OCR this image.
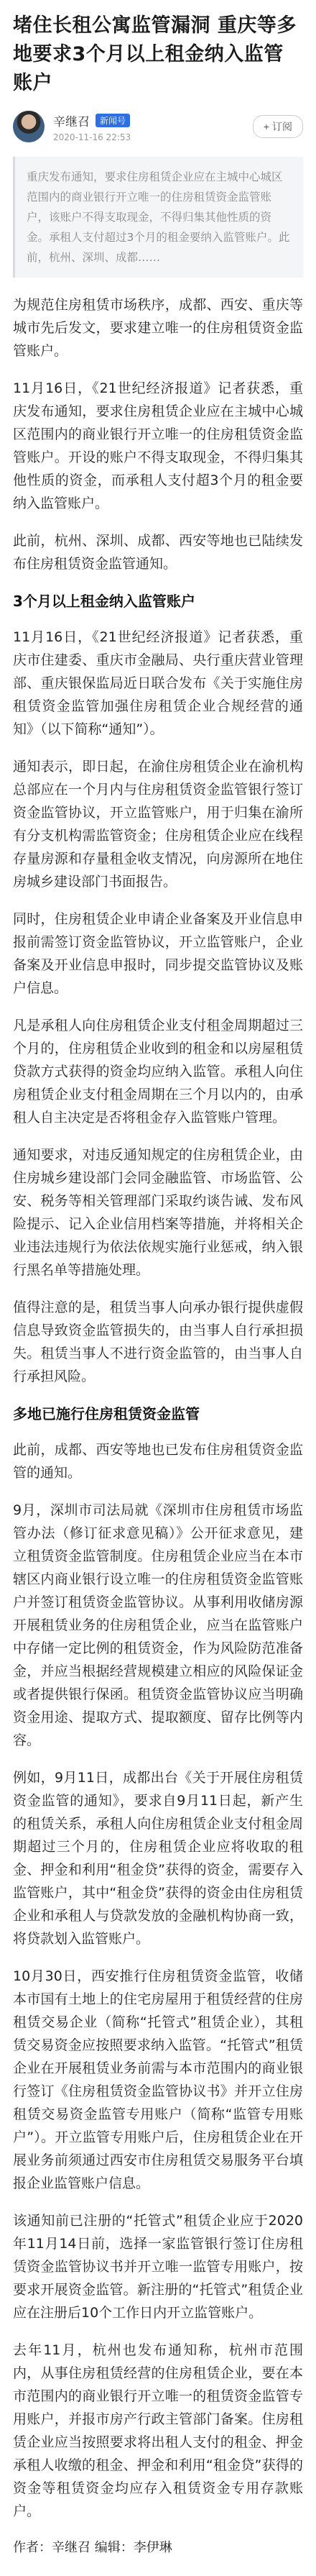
堵住长租公寓监管漏洞 重庆等多地要求3个月以上租金纳入监管账户
辛继召	新闻号
2020-11-16 22:53
+ 订阅
重庆发布通知，要求住房租赁企业应在主城中心城区范围内的商业银行开立唯一的住房租赁资金监管账户，该账户不得支取现金，不得归集其他性质的资金。承租人支付超过3个月的租金要纳入监管账户。此前，杭州、深圳、成都……
为规范住房租赁市场秩序，成都、西安、重庆等城市先后发文，要求建立唯一的住房租赁资金监管账户。
11月16日，《21世纪经济报道》记者获悉，重庆发布通知，要求住房租赁企业应在主城中心城区范围内的商业银行开立唯一的住房租赁资金监管账户。开设的账户不得支取现金，不得归集其他性质的资金，而承租人支付超3个月的租金要纳入监管账户。
此前，杭州、深圳、成都、西安等地也已陆续发布住房租赁资金监管通知。
3个月以上租金纳入监管账户
11月16日，《21世纪经济报道》记者获悉，重庆市住建委、重庆市金融局、央行重庆营业管理部、重庆银保监局近日联合发布《关于实施住房租赁资金监管加强住房租赁企业合规经营的通知》（以下简称“通知”）。
通知表示，即日起，在渝住房租赁企业在渝机构总部应在一个月内与住房租赁资金监管银行签订资金监管协议，开立监管账户，用于归集在渝所有分支机构需监管资金；住房租赁企业应在线程存量房源和存量租金收支情况，向房源所在地住房城乡建设部门书面报告。
同时，住房租赁企业申请企业备案及开业信息申报前需签订资金监管协议，开立监管账户，企业备案及开业信息申报时，同步提交监管协议及账户信息。
凡是承租人向住房租赁企业支付租金周期超过三个月的，住房租赁企业收到的租金和以房屋租赁贷款方式获得的资金均应纳入监管。承租人向住房租赁企业支付租金周期在三个月以内的，由承租人自主决定是否将租金存入监管账户管理。
通知要求，对违反通知规定的住房租赁企业，由住房城乡建设部门会同金融监管、市场监管、公安、税务等相关管理部门采取约谈告诫、发布风险提示、记入企业信用档案等措施，并将相关企业违法违规行为依法依规实施行业惩戒，纳入银行黑名单等措施处理。
值得注意的是，租赁当事人向承办银行提供虚假信息导致资金监管损失的，由当事人自行承担损失。租赁当事人不进行资金监管的，由当事人自行承担风险。
多地已施行住房租赁资金监管
此前，成都、西安等地也已发布住房租赁资金监管的通知。
9月，深圳市司法局就《深圳市住房租赁市场监管办法（修订征求意见稿）》公开征求意见，建立租赁资金监管制度。住房租赁企业应当在本市辖区内商业银行设立唯一的住房租赁资金监管账户并签订租赁资金监管协议。从事利用收储房源开展租赁业务的住房租赁企业，应当在监管账户中存储一定比例的租赁资金，作为风险防范准备金，并应当根据经营规模建立相应的风险保证金或者提供银行保函。租赁资金监管协议应当明确资金用途、提取方式、提取额度、留存比例等内容。
例如，9月11日，成都出台《关于开展住房租赁资金监管的通知》，要求自9月11日起，新产生的租赁关系，承租人向住房租赁企业支付租金周期超过三个月的，住房租赁企业应将收取的租金、押金和利用“租金贷”获得的资金，需要存入监管账户，其中“租金贷”获得的资金由住房租赁企业和承租人与贷款发放的金融机构协商一致，将贷款划入监管账户。
10月30日，西安推行住房租赁资金监管，收储本市国有土地上的住宅房屋用于租赁经营的住房租赁交易企业（简称“托管式”租赁企业），其租赁交易资金应按照要求纳入监管。“托管式”租赁企业在开展租赁业务前需与本市范围内的商业银行签订《住房租赁资金监管协议书》并开立住房租赁交易资金监管专用账户（简称“监管专用账户”）。开立监管专用账户后，住房租赁企业在开展业务前须通过西安市住房租赁交易服务平台填报企业监管账户信息。
该通知前已注册的“托管式”租赁企业应于2020年11月14日前，选择一家监管银行签订住房租赁资金监管协议书并开立唯一监管专用账户，按要求开展资金监管。新注册的“托管式”租赁企业应在注册后10个工作日内开立监管账户。
去年11月，杭州也发布通知称，杭州市范围内，从事住房租赁经营的住房租赁企业，要在本市范围内的商业银行开立唯一的租赁资金监管专用账户，并报市房产行政主管部门备案。住房租赁企业应当按照要求将出租人支付的租金、押金承租人收缴的租金、押金和利用“租金贷”获得的资金等租赁资金均应存入租赁资金专用存款账户。
作者：辛继召 编辑：李伊琳
